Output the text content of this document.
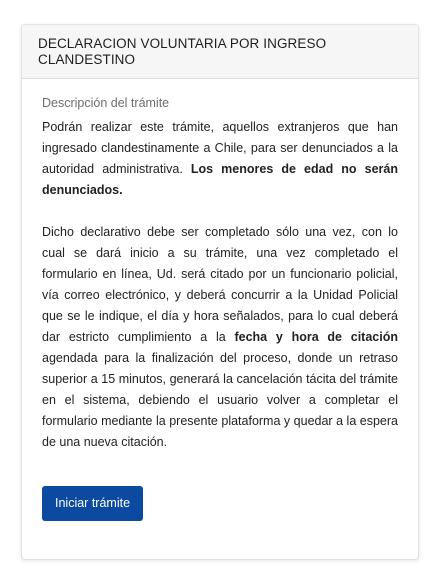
DECLARACION VOLUNTARIA POR INGRESO CLANDESTINO
Descripción del trámite

Podrán realizar este trámite, aquellos extranjeros que han ingresado clandestinamente a Chile, para ser denunciados a la autoridad administrativa. Los menores de edad no serán denunciados.

Dicho declarativo debe ser completado sólo una vez, con lo cual se dará inicio a su trámite, una vez completado el formulario en línea, Ud. será citado por un funcionario policial, vía correo electrónico, y deberá concurrir a la Unidad Policial que se le indique, el día y hora señalados, para lo cual deberá dar estricto cumplimiento a la fecha y hora de citación agendada para la finalización del proceso, donde un retraso superior a 15 minutos, generará la cancelación tácita del trámite en el sistema, debiendo el usuario volver a completar el formulario mediante la presente plataforma y quedar a la espera de una nueva citación.

Iniciar trámite
